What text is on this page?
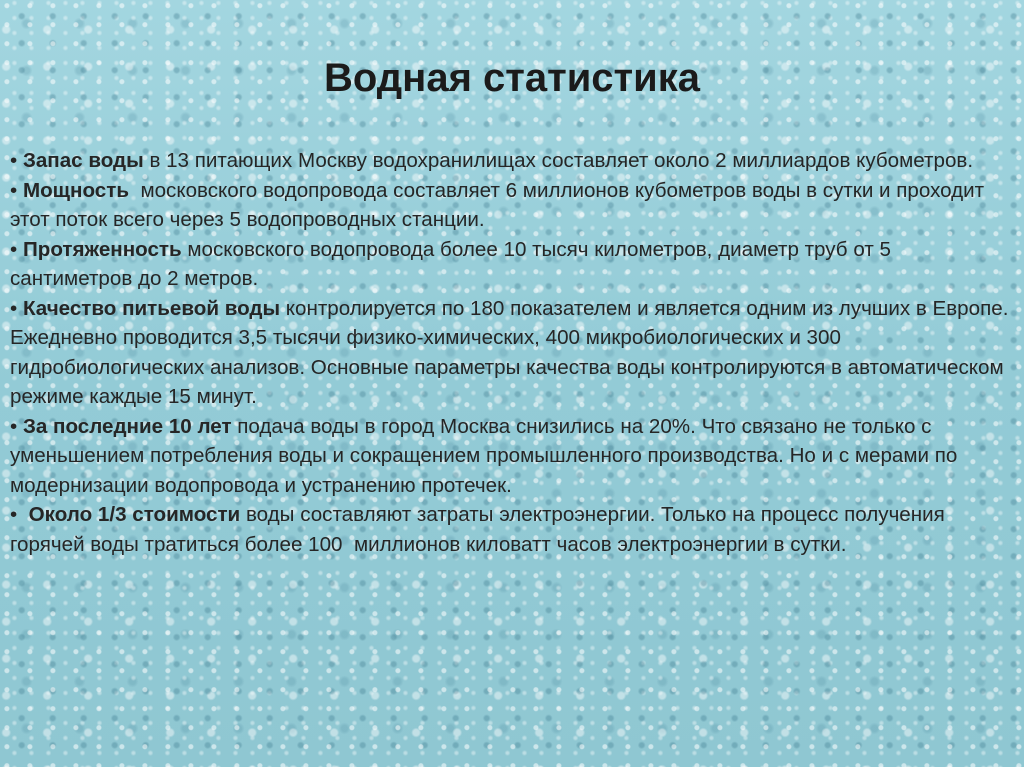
Водная статистика

• Запас воды в 13 питающих Москву водохранилищах составляет около 2 миллиардов кубометров.

• Мощность  московского водопровода составляет 6 миллионов кубометров воды в сутки и проходит этот поток всего через 5 водопроводных станции.

• Протяженность московского водопровода более 10 тысяч километров, диаметр труб от 5 сантиметров до 2 метров.

• Качество питьевой воды контролируется по 180 показателем и является одним из лучших в Европе. Ежедневно проводится 3,5 тысячи физико-химических, 400 микробиологических и 300 гидробиологических анализов. Основные параметры качества воды контролируются в автоматическом режиме каждые 15 минут.

• За последние 10 лет подача воды в город Москва снизились на 20%. Что связано не только с уменьшением потребления воды и сокращением промышленного производства. Но и с мерами по модернизации водопровода и устранению протечек.

•  Около 1/3 стоимости воды составляют затраты электроэнергии. Только на процесс получения горячей воды тратиться более 100  миллионов киловатт часов электроэнергии в сутки.
